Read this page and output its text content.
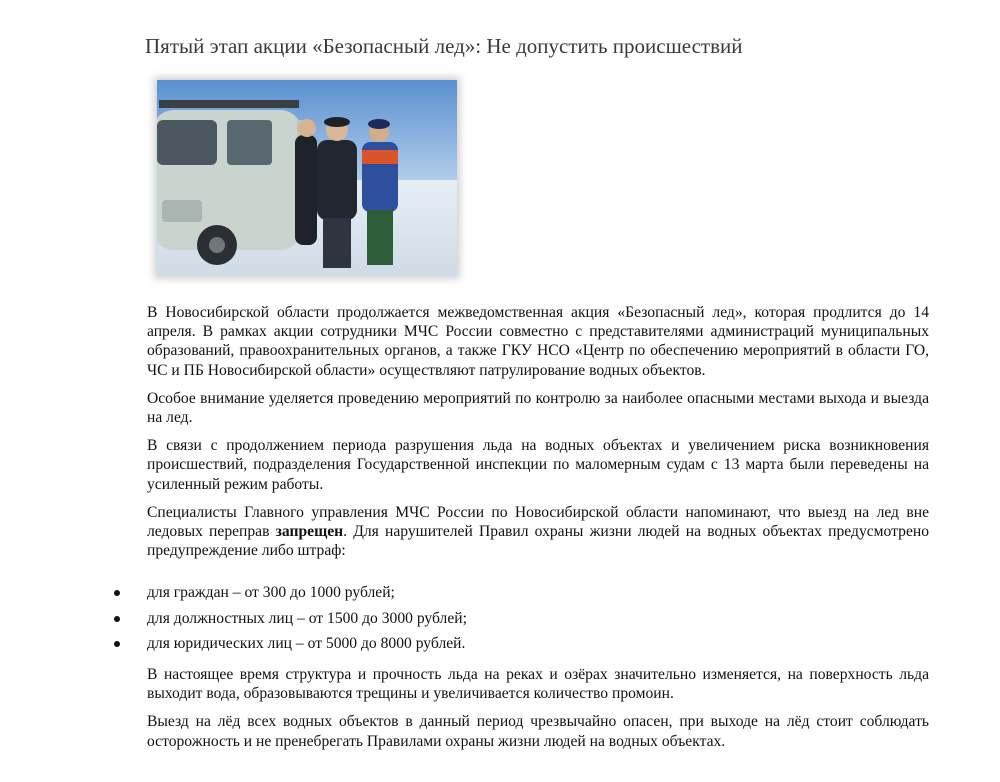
Пятый этап акции «Безопасный лед»: Не допустить происшествий

В Новосибирской области продолжается межведомственная акция «Безопасный лед», которая продлится до 14 апреля. В рамках акции сотрудники МЧС России совместно с представителями администраций муниципальных образований, правоохранительных органов, а также ГКУ НСО «Центр по обеспечению мероприятий в области ГО, ЧС и ПБ Новосибирской области» осуществляют патрулирование водных объектов.

Особое внимание уделяется проведению мероприятий по контролю за наиболее опасными местами выхода и выезда на лед.

В связи с продолжением периода разрушения льда на водных объектах и увеличением риска возникновения происшествий, подразделения Государственной инспекции по маломерным судам с 13 марта были переведены на усиленный режим работы.

Специалисты Главного управления МЧС России по Новосибирской области напоминают, что выезд на лед вне ледовых переправ запрещен. Для нарушителей Правил охраны жизни людей на водных объектах предусмотрено предупреждение либо штраф:

для граждан – от 300 до 1000 рублей;
для должностных лиц – от 1500 до 3000 рублей;
для юридических лиц – от 5000 до 8000 рублей.

В настоящее время структура и прочность льда на реках и озёрах значительно изменяется, на поверхность льда выходит вода, образовываются трещины и увеличивается количество промоин.

Выезд на лёд всех водных объектов в данный период чрезвычайно опасен, при выходе на лёд стоит соблюдать осторожность и не пренебрегать Правилами охраны жизни людей на водных объектах.
